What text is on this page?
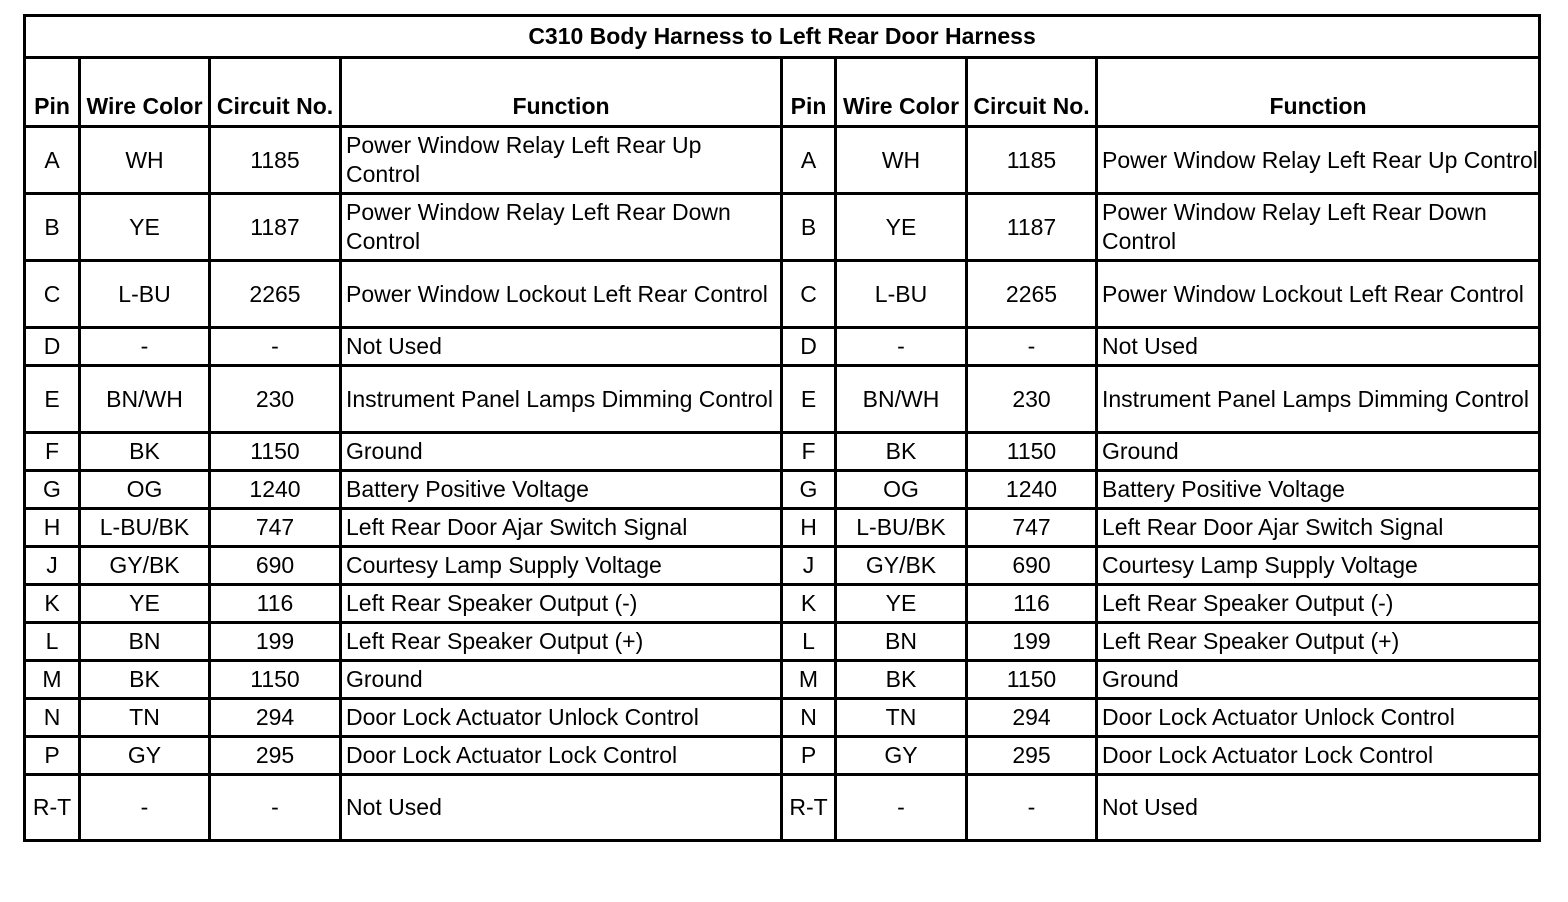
C310 Body Harness to Left Rear Door Harness							
Pin	Wire Color	Circuit No.	Function	Pin	Wire Color	Circuit No.	Function
A	WH	1185	Power Window Relay Left Rear Up Control	A	WH	1185	Power Window Relay Left Rear Up Control
B	YE	1187	Power Window Relay Left Rear Down Control	B	YE	1187	Power Window Relay Left Rear Down Control
C	L-BU	2265	Power Window Lockout Left Rear Control	C	L-BU	2265	Power Window Lockout Left Rear Control
D	-	-	Not Used	D	-	-	Not Used
E	BN/WH	230	Instrument Panel Lamps Dimming Control	E	BN/WH	230	Instrument Panel Lamps Dimming Control
F	BK	1150	Ground	F	BK	1150	Ground
G	OG	1240	Battery Positive Voltage	G	OG	1240	Battery Positive Voltage
H	L-BU/BK	747	Left Rear Door Ajar Switch Signal	H	L-BU/BK	747	Left Rear Door Ajar Switch Signal
J	GY/BK	690	Courtesy Lamp Supply Voltage	J	GY/BK	690	Courtesy Lamp Supply Voltage
K	YE	116	Left Rear Speaker Output (-)	K	YE	116	Left Rear Speaker Output (-)
L	BN	199	Left Rear Speaker Output (+)	L	BN	199	Left Rear Speaker Output (+)
M	BK	1150	Ground	M	BK	1150	Ground
N	TN	294	Door Lock Actuator Unlock Control	N	TN	294	Door Lock Actuator Unlock Control
P	GY	295	Door Lock Actuator Lock Control	P	GY	295	Door Lock Actuator Lock Control
R-T	-	-	Not Used	R-T	-	-	Not Used
